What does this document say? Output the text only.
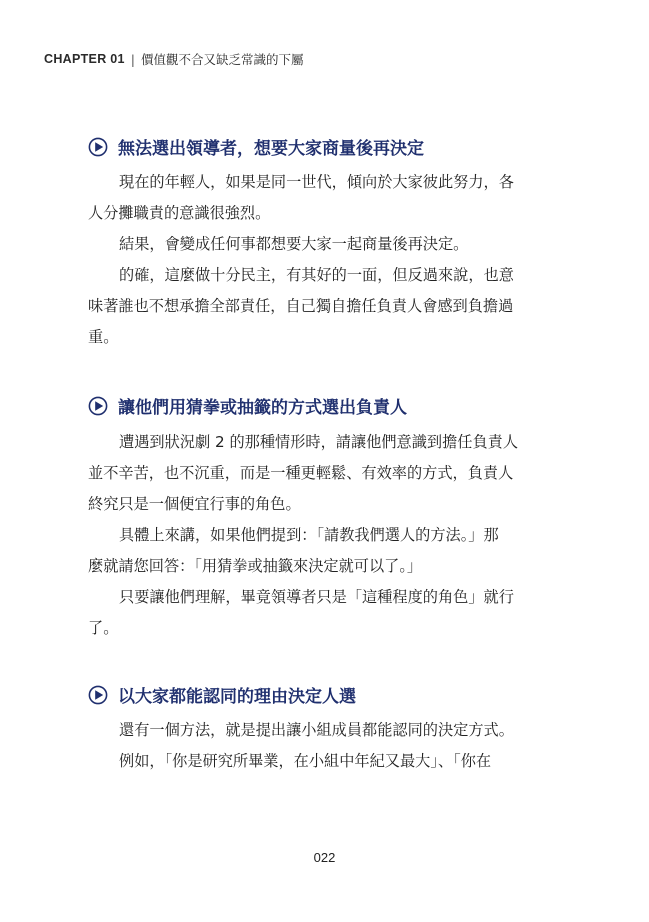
CHAPTER 01 | 價值觀不合又缺乏常識的下屬
無法選出領導者，想要大家商量後再決定
現在的年輕人，如果是同一世代，傾向於大家彼此努力，各
人分攤職責的意識很強烈。
結果，會變成任何事都想要大家一起商量後再決定。
的確，這麼做十分民主，有其好的一面，但反過來說，也意
味著誰也不想承擔全部責任，自己獨自擔任負責人會感到負擔過
重。
讓他們用猜拳或抽籤的方式選出負責人
遭遇到狀況劇 2 的那種情形時，請讓他們意識到擔任負責人
並不辛苦，也不沉重，而是一種更輕鬆、有效率的方式，負責人
終究只是一個便宜行事的角色。
具體上來講，如果他們提到：「請教我們選人的方法。」那
麼就請您回答：「用猜拳或抽籤來決定就可以了。」
只要讓他們理解，畢竟領導者只是「這種程度的角色」就行
了。
以大家都能認同的理由決定人選
還有一個方法，就是提出讓小組成員都能認同的決定方式。
例如，「你是研究所畢業，在小組中年紀又最大」、「你在
022
